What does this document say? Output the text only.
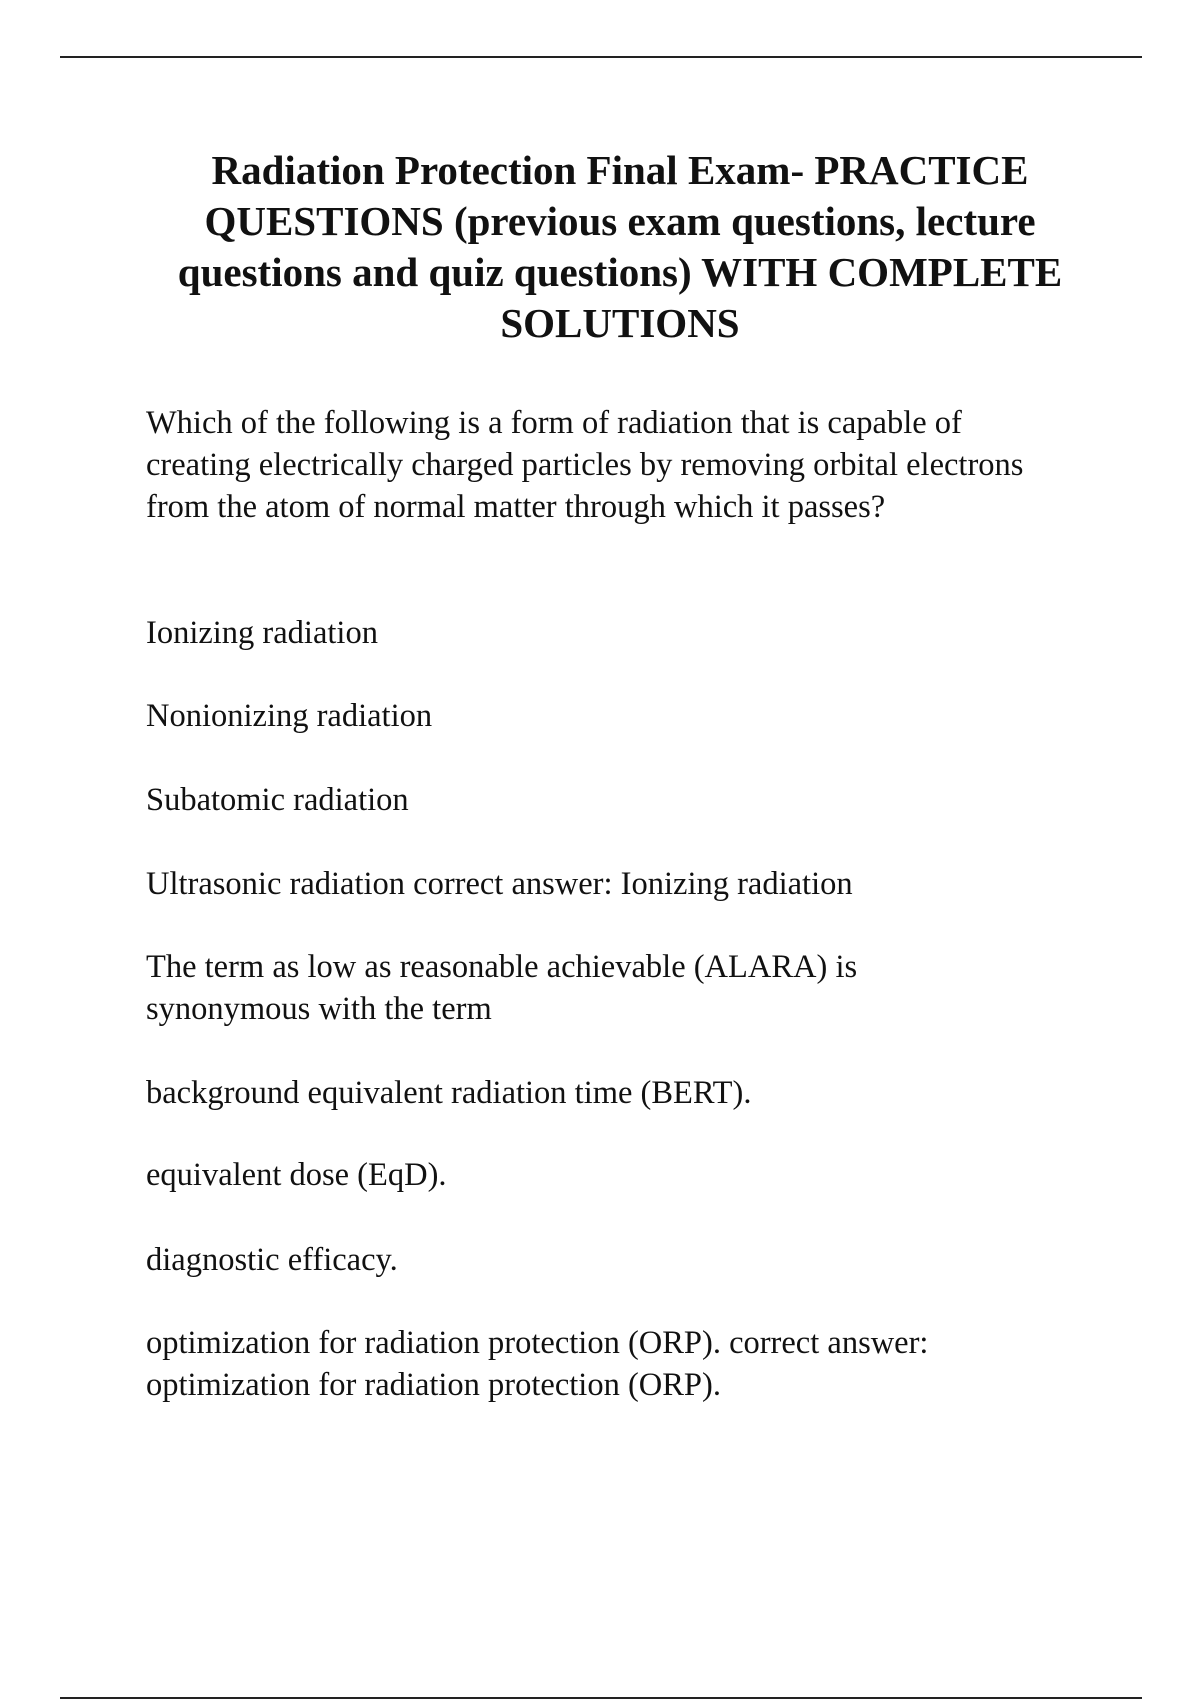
Radiation Protection Final Exam- PRACTICE QUESTIONS (previous exam questions, lecture questions and quiz questions) WITH COMPLETE SOLUTIONS
Which of the following is a form of radiation that is capable of creating electrically charged particles by removing orbital electrons from the atom of normal matter through which it passes?
Ionizing radiation
Nonionizing radiation
Subatomic radiation
Ultrasonic radiation correct answer: Ionizing radiation
The term as low as reasonable achievable (ALARA) is synonymous with the term
background equivalent radiation time (BERT).
equivalent dose (EqD).
diagnostic efficacy.
optimization for radiation protection (ORP). correct answer: optimization for radiation protection (ORP).
